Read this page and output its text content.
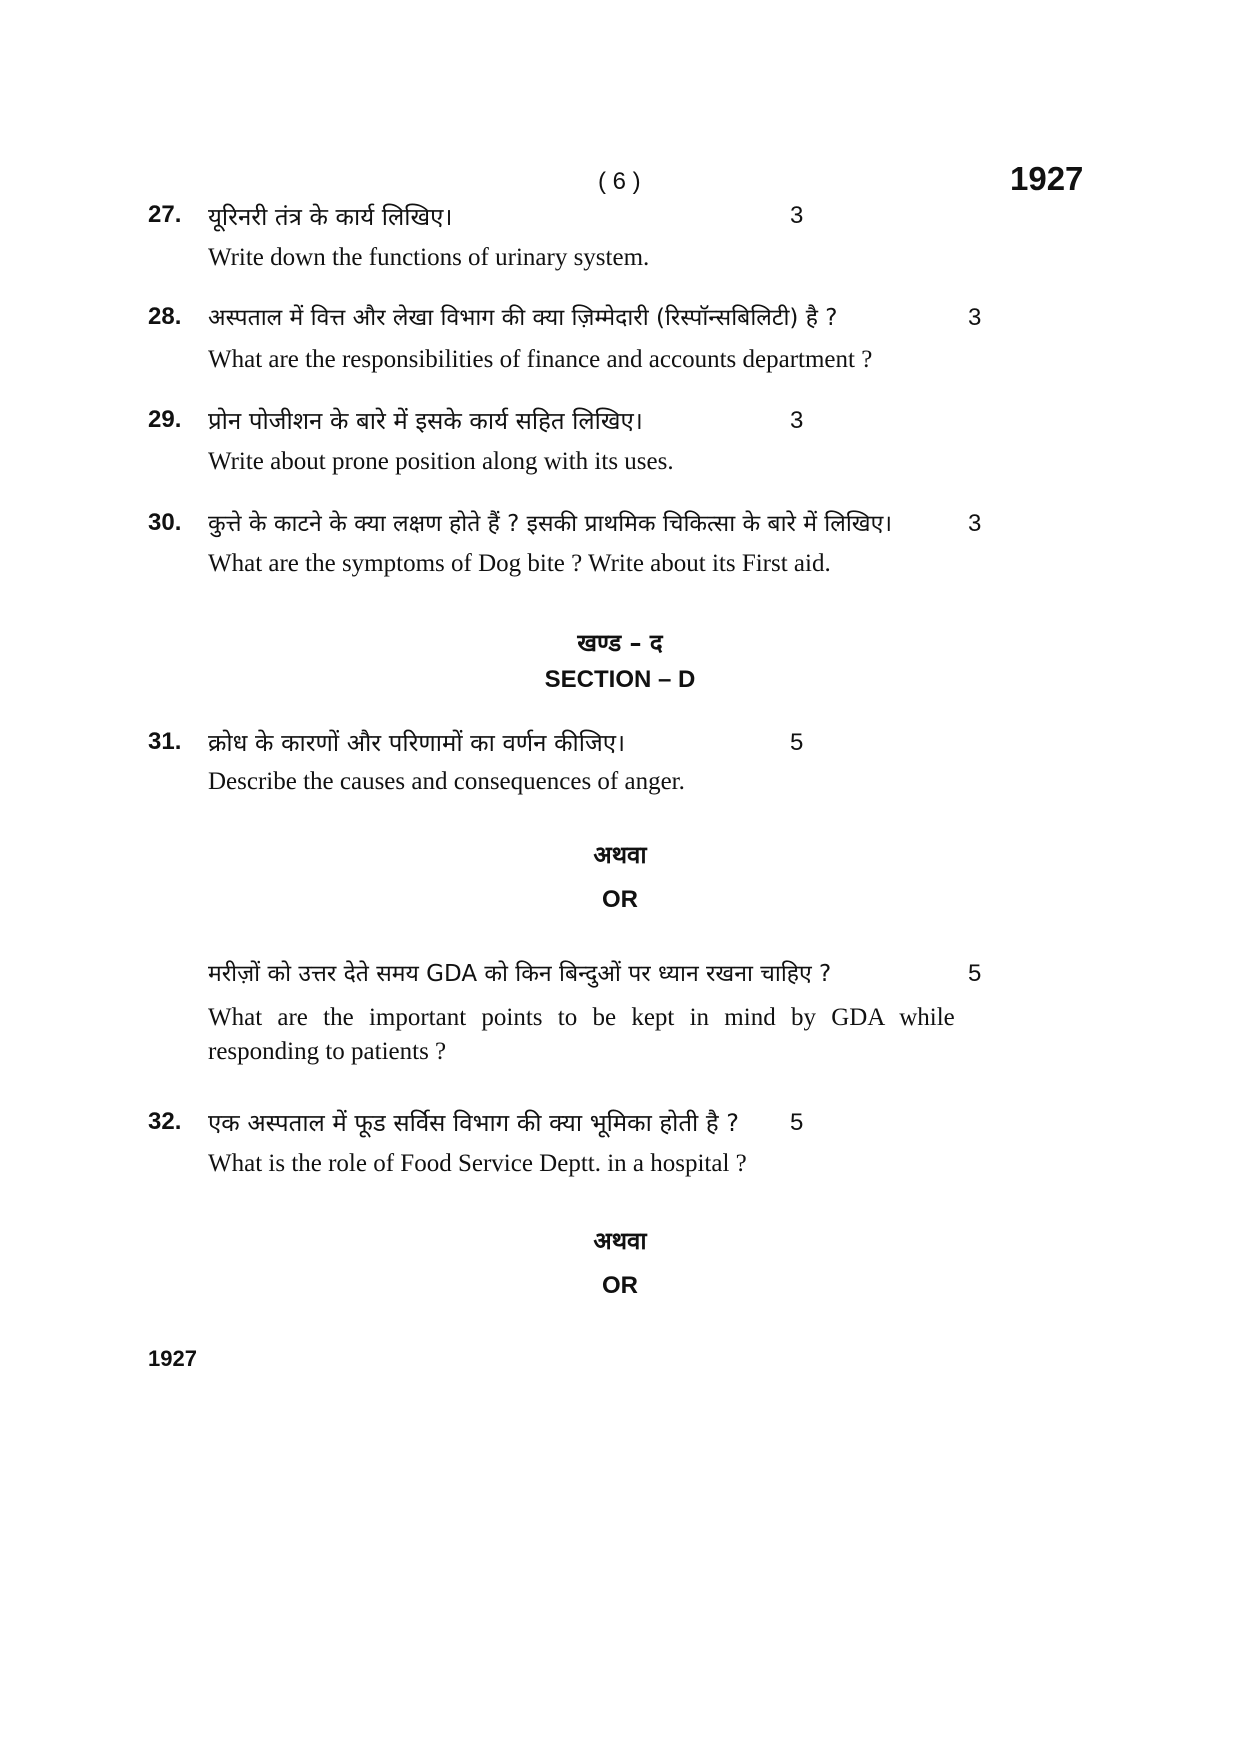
( 6 )	1927
27. यूरिनरी तंत्र के कार्य लिखिए।	3
Write down the functions of urinary system.
28. अस्पताल में वित्त और लेखा विभाग की क्या ज़िम्मेदारी (रिस्पॉन्सबिलिटी) है ?	3
What are the responsibilities of finance and accounts department ?
29. प्रोन पोजीशन के बारे में इसके कार्य सहित लिखिए।	3
Write about prone position along with its uses.
30. कुत्ते के काटने के क्या लक्षण होते हैं ? इसकी प्राथमिक चिकित्सा के बारे में लिखिए।	3
What are the symptoms of Dog bite ? Write about its First aid.
खण्ड – द
SECTION – D
31. क्रोध के कारणों और परिणामों का वर्णन कीजिए।	5
Describe the causes and consequences of anger.
अथवा
OR
मरीज़ों को उत्तर देते समय GDA को किन बिन्दुओं पर ध्यान रखना चाहिए ?	5
What are the important points to be kept in mind by GDA while
responding to patients ?
32. एक अस्पताल में फूड सर्विस विभाग की क्या भूमिका होती है ? 5
What is the role of Food Service Deptt. in a hospital ?
अथवा
OR
1927
